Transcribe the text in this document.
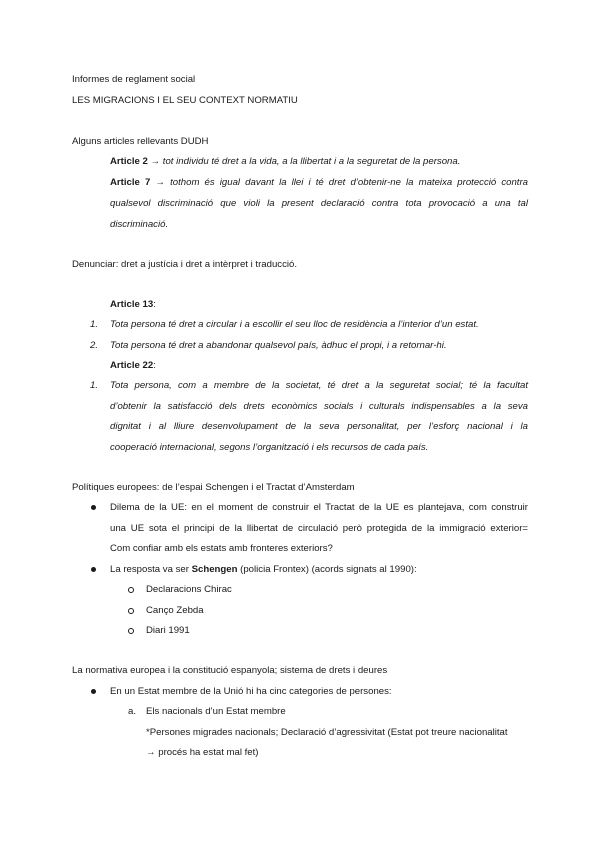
Informes de reglament social
LES MIGRACIONS I EL SEU CONTEXT NORMATIU
Alguns articles rellevants DUDH
Article 2 → tot individu té dret a la vida, a la llibertat i a la seguretat de la persona.
Article 7 → tothom és igual davant la llei i té dret d’obtenir-ne la mateixa protecció contra
qualsevol discriminació que violi la present declaració contra tota provocació a una tal
discriminació.
Denunciar: dret a justícia i dret a intèrpret i traducció.
Article 13:
1. Tota persona té dret a circular i a escollir el seu lloc de residència a l’interior d’un estat.
2. Tota persona té dret a abandonar qualsevol país, àdhuc el propi, i a retornar-hi.
Article 22:
1. Tota persona, com a membre de la societat, té dret a la seguretat social; té la facultat
d’obtenir la satisfacció dels drets econòmics socials i culturals indispensables a la seva
dignitat i al lliure desenvolupament de la seva personalitat, per l’esforç nacional i la
cooperació internacional, segons l’organització i els recursos de cada país.
Polítiques europees: de l’espai Schengen i el Tractat d’Amsterdam
Dilema de la UE: en el moment de construir el Tractat de la UE es plantejava, com construir
una UE sota el principi de la llibertat de circulació però protegida de la immigració exterior=
Com confiar amb els estats amb fronteres exteriors?
La resposta va ser Schengen (policia Frontex) (acords signats al 1990):
Declaracions Chirac
Canço Zebda
Diari 1991
La normativa europea i la constitució espanyola; sistema de drets i deures
En un Estat membre de la Unió hi ha cinc categories de persones:
a. Els nacionals d’un Estat membre
*Persones migrades nacionals; Declaració d’agressivitat (Estat pot treure nacionalitat
→ procés ha estat mal fet)
